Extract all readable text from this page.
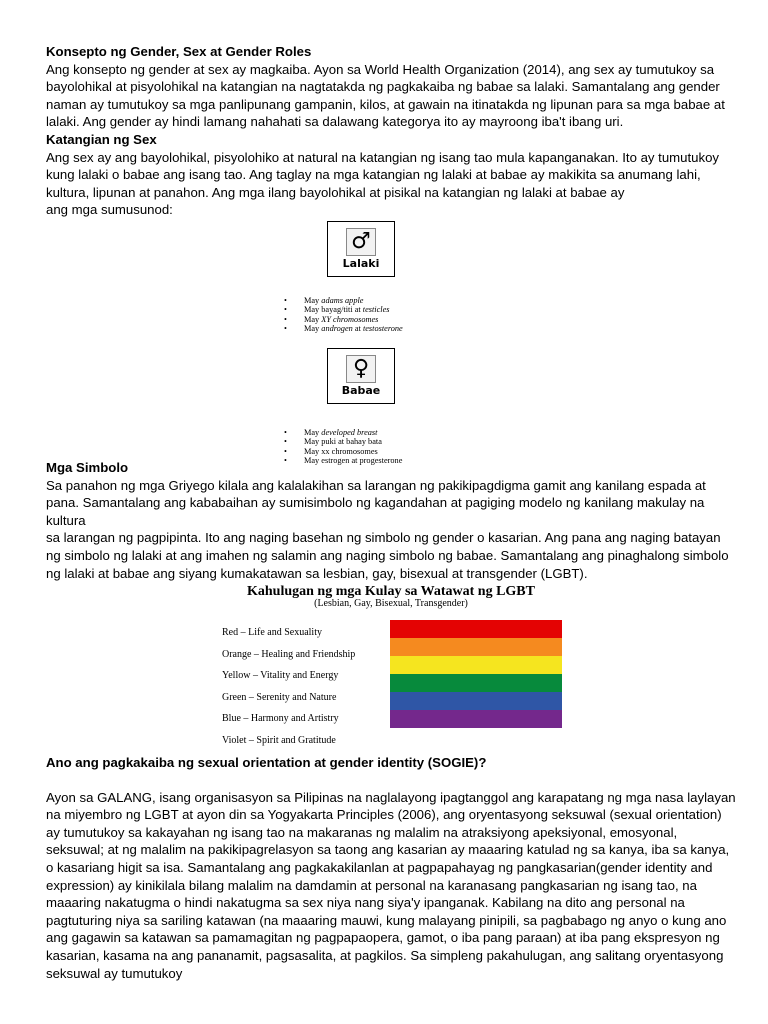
Konsepto ng Gender, Sex at Gender Roles

Ang konsepto ng gender at sex ay magkaiba. Ayon sa World Health Organization (2014), ang sex ay tumutukoy sa bayolohikal at pisyolohikal na katangian na nagtatakda ng pagkakaiba ng babae sa lalaki. Samantalang ang gender naman ay tumutukoy sa mga panlipunang gampanin, kilos, at gawain na itinatakda ng lipunan para sa mga babae at lalaki. Ang gender ay hindi lamang nahahati sa dalawang kategorya ito ay mayroong iba't ibang uri.

Katangian ng Sex

Ang sex ay ang bayolohikal, pisyolohiko at natural na katangian ng isang tao mula kapanganakan. Ito ay tumutukoy kung lalaki o babae ang isang tao. Ang taglay na mga katangian ng lalaki at babae ay makikita sa anumang lahi, kultura, lipunan at panahon. Ang mga ilang bayolohikal at pisikal na katangian ng lalaki at babae ay

ang mga sumusunod:

♂
Lalaki
• May adams apple
• May bayag/titi at testicles
• May XY chromosomes
• May androgen at testosterone
♀
Babae
• May developed breast
• May puki at bahay bata
• May xx chromosomes
• May estrogen at progesterone
Mga Simbolo

Sa panahon ng mga Griyego kilala ang kalalakihan sa larangan ng pakikipagdigma gamit ang kanilang espada at pana. Samantalang ang kababaihan ay sumisimbolo ng kagandahan at pagiging modelo ng kanilang makulay na kultura

sa larangan ng pagpipinta. Ito ang naging basehan ng simbolo ng gender o kasarian. Ang pana ang naging batayan ng simbolo ng lalaki at ang imahen ng salamin ang naging simbolo ng babae. Samantalang ang pinaghalong simbolo ng lalaki at babae ang siyang kumakatawan sa lesbian, gay, bisexual at transgender (LGBT).

Kahulugan ng mga Kulay sa Watawat ng LGBT
(Lesbian, Gay, Bisexual, Transgender)
Red – Life and Sexuality
Orange – Healing and Friendship
Yellow – Vitality and Energy
Green – Serenity and Nature
Blue – Harmony and Artistry
Violet – Spirit and Gratitude
Ano ang pagkakaiba ng sexual orientation at gender identity (SOGIE)?

Ayon sa GALANG, isang organisasyon sa Pilipinas na naglalayong ipagtanggol ang karapatang ng mga nasa laylayan na miyembro ng LGBT at ayon din sa Yogyakarta Principles (2006), ang oryentasyong seksuwal (sexual orientation) ay tumutukoy sa kakayahan ng isang tao na makaranas ng malalim na atraksiyong apeksiyonal, emosyonal, seksuwal; at ng malalim na pakikipagrelasyon sa taong ang kasarian ay maaaring katulad ng sa kanya, iba sa kanya, o kasariang higit sa isa. Samantalang ang pagkakakilanlan at pagpapahayag ng pangkasarian(gender identity and expression) ay kinikilala bilang malalim na damdamin at personal na karanasang pangkasarian ng isang tao, na maaaring nakatugma o hindi nakatugma sa sex niya nang siya'y ipanganak. Kabilang na dito ang personal na pagtuturing niya sa sariling katawan (na maaaring mauwi, kung malayang pinipili, sa pagbabago ng anyo o kung ano ang gagawin sa katawan sa pamamagitan ng pagpapaopera, gamot, o iba pang paraan) at iba pang ekspresyon ng kasarian, kasama na ang pananamit, pagsasalita, at pagkilos. Sa simpleng pakahulugan, ang salitang oryentasyong seksuwal ay tumutukoy
